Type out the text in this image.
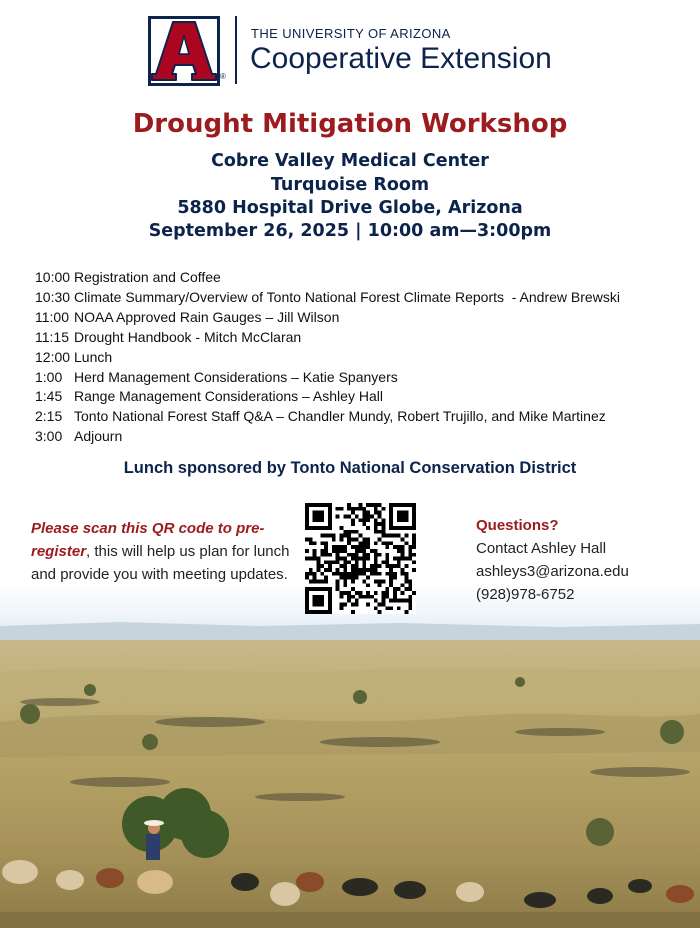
®
THE UNIVERSITY OF ARIZONA
Cooperative Extension
Drought Mitigation Workshop
Cobre Valley Medical Center
Turquoise Room
5880 Hospital Drive Globe, Arizona
September 26, 2025 | 10:00 am—3:00pm
10:00 Registration and Coffee
10:30 Climate Summary/Overview of Tonto National Forest Climate Reports  - Andrew Brewski
11:00 NOAA Approved Rain Gauges – Jill Wilson
11:15 Drought Handbook - Mitch McClaran
12:00 Lunch
1:00 Herd Management Considerations – Katie Spanyers
1:45 Range Management Considerations – Ashley Hall
2:15 Tonto National Forest Staff Q&A – Chandler Mundy, Robert Trujillo, and Mike Martinez
3:00 Adjourn
Lunch sponsored by Tonto National Conservation District
Please scan this QR code to pre-register, this will help us plan for lunch and provide you with meeting updates.
Questions?
Contact Ashley Hall
ashleys3@arizona.edu
(928)978-6752
